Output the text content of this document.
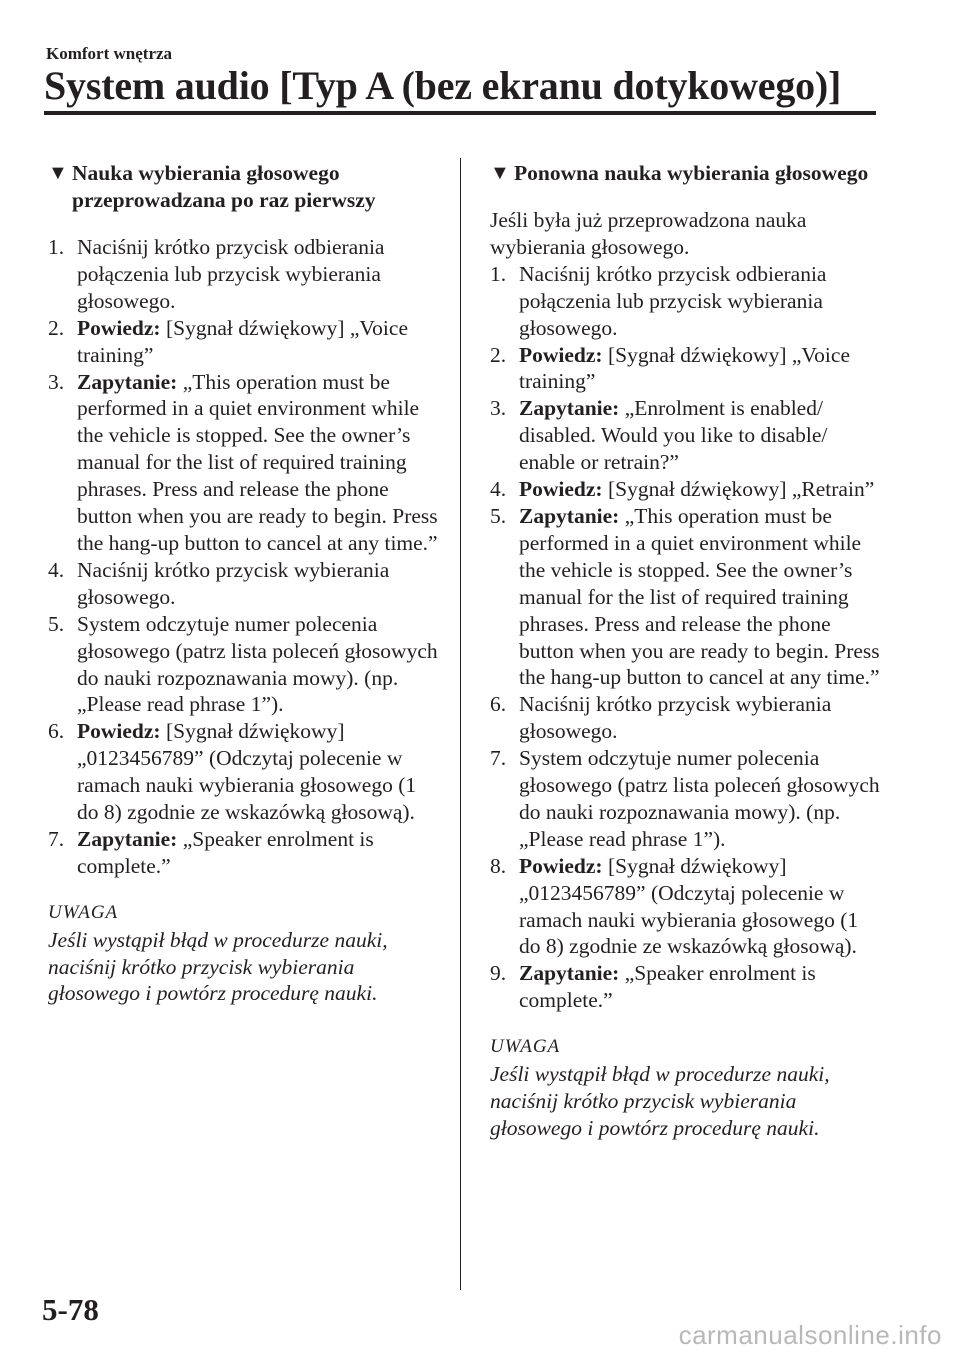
Komfort wnętrza
System audio [Typ A (bez ekranu dotykowego)]
▼ Nauka wybierania głosowego przeprowadzana po raz pierwszy
1. Naciśnij krótko przycisk odbierania połączenia lub przycisk wybierania głosowego.
2. Powiedz: [Sygnał dźwiękowy] „Voice training”
3. Zapytanie: „This operation must be performed in a quiet environment while the vehicle is stopped. See the owner’s manual for the list of required training phrases. Press and release the phone button when you are ready to begin. Press the hang-up button to cancel at any time.”
4. Naciśnij krótko przycisk wybierania głosowego.
5. System odczytuje numer polecenia głosowego (patrz lista poleceń głosowych do nauki rozpoznawania mowy). (np. „Please read phrase 1”).
6. Powiedz: [Sygnał dźwiękowy] „0123456789” (Odczytaj polecenie w ramach nauki wybierania głosowego (1 do 8) zgodnie ze wskazówką głosową).
7. Zapytanie: „Speaker enrolment is complete.”
UWAGA
Jeśli wystąpił błąd w procedurze nauki, naciśnij krótko przycisk wybierania głosowego i powtórz procedurę nauki.
▼ Ponowna nauka wybierania głosowego

Jeśli była już przeprowadzona nauka wybierania głosowego.

1. Naciśnij krótko przycisk odbierania połączenia lub przycisk wybierania głosowego.
2. Powiedz: [Sygnał dźwiękowy] „Voice training”
3. Zapytanie: „Enrolment is enabled/ disabled. Would you like to disable/ enable or retrain?”
4. Powiedz: [Sygnał dźwiękowy] „Retrain”
5. Zapytanie: „This operation must be performed in a quiet environment while the vehicle is stopped. See the owner’s manual for the list of required training phrases. Press and release the phone button when you are ready to begin. Press the hang-up button to cancel at any time.”
6. Naciśnij krótko przycisk wybierania głosowego.
7. System odczytuje numer polecenia głosowego (patrz lista poleceń głosowych do nauki rozpoznawania mowy). (np. „Please read phrase 1”).
8. Powiedz: [Sygnał dźwiękowy] „0123456789” (Odczytaj polecenie w ramach nauki wybierania głosowego (1 do 8) zgodnie ze wskazówką głosową).
9. Zapytanie: „Speaker enrolment is complete.”
UWAGA
Jeśli wystąpił błąd w procedurze nauki, naciśnij krótko przycisk wybierania głosowego i powtórz procedurę nauki.
5-78
carmanualsonline.info
